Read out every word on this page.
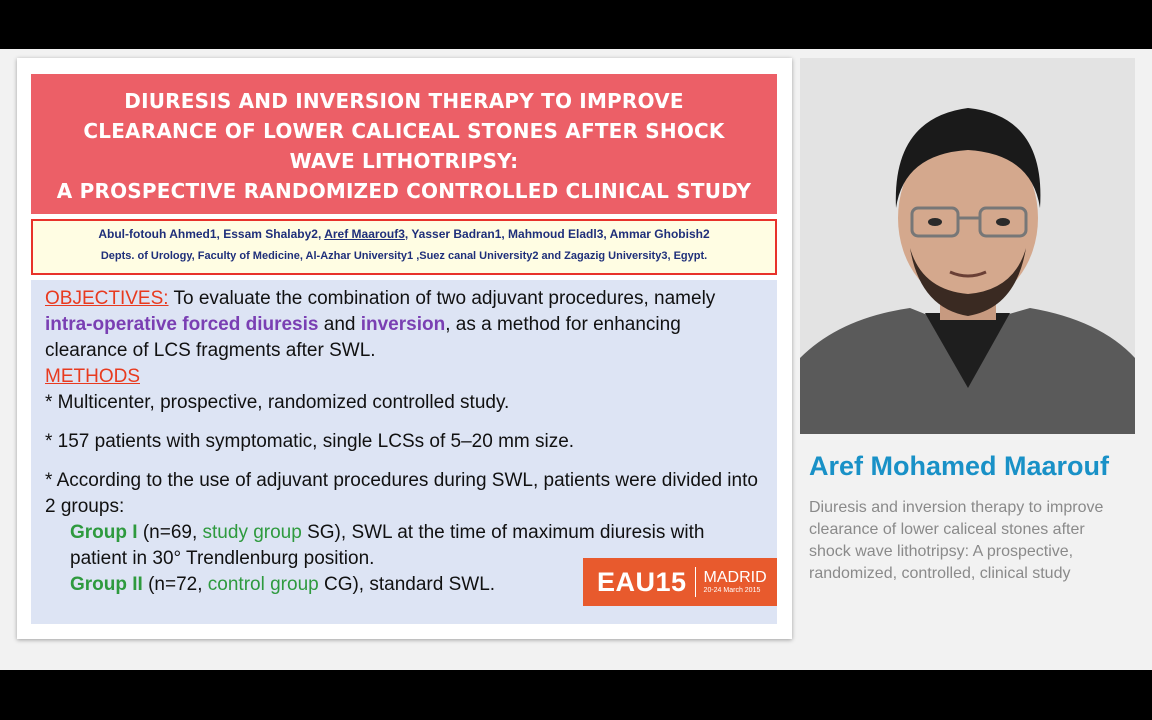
DIURESIS AND INVERSION THERAPY TO IMPROVE
CLEARANCE OF LOWER CALICEAL STONES AFTER SHOCK
WAVE LITHOTRIPSY:
A PROSPECTIVE RANDOMIZED CONTROLLED CLINICAL STUDY
Abul-fotouh Ahmed1, Essam Shalaby2, Aref Maarouf3, Yasser Badran1, Mahmoud Eladl3, Ammar Ghobish2
Depts. of Urology, Faculty of Medicine, Al-Azhar University1 ,Suez canal University2 and Zagazig University3, Egypt.

OBJECTIVES: To evaluate the combination of two adjuvant procedures, namely intra-operative forced diuresis and inversion, as a method for enhancing clearance of LCS fragments after SWL.

METHODS

* Multicenter, prospective, randomized controlled study.

* 157 patients with symptomatic, single LCSs of 5–20 mm size.

* According to the use of adjuvant procedures during SWL, patients were divided into 2 groups:

Group I (n=69, study group SG), SWL at the time of maximum diuresis with patient in 30° Trendlenburg position.

Group II (n=72, control group CG), standard SWL.	EAU15 MADRID
20-24 March 2015
Aref Mohamed Maarouf
Diuresis and inversion therapy to improve clearance of lower caliceal stones after shock wave lithotripsy: A prospective, randomized, controlled, clinical study
